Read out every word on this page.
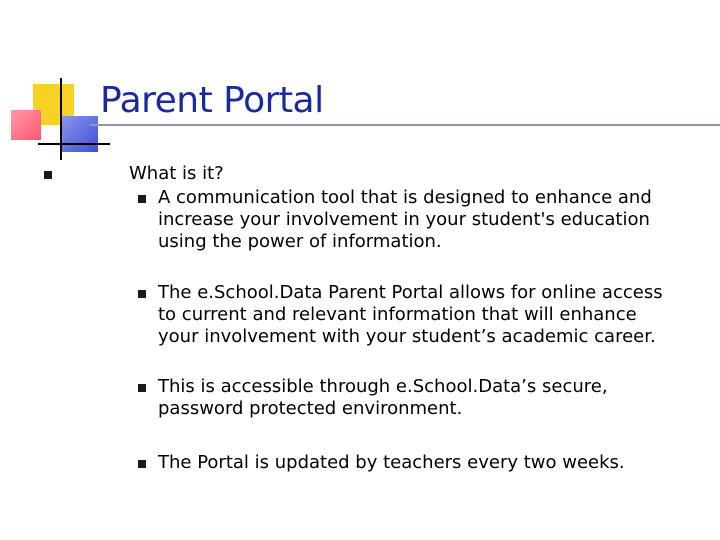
Parent Portal

What is it?

A communication tool that is designed to enhance and

increase your involvement in your student's education

using the power of information.

The e.School.Data Parent Portal allows for online access

to current and relevant information that will enhance

your involvement with your student’s academic career.

This is accessible through e.School.Data’s secure,

password protected environment.

The Portal is updated by teachers every two weeks.
